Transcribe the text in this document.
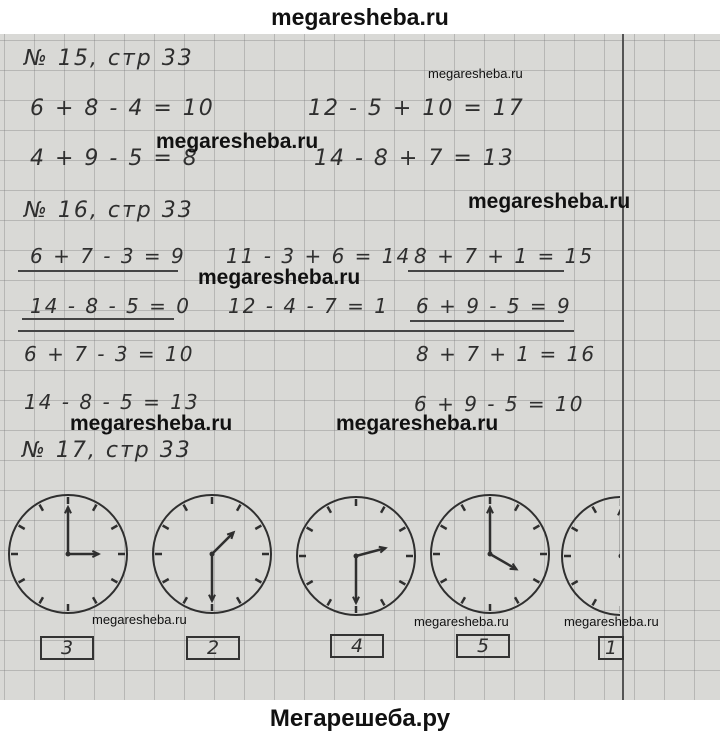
megaresheba.ru
№ 15, стр 33
6 + 8 - 4 = 10	12 - 5 + 10 = 17
4 + 9 - 5 = 8	14 - 8 + 7 = 13
№ 16, стр 33
6 + 7 - 3 = 9 11 - 3 + 6 = 14 8 + 7 + 1 = 15
14 - 8 - 5 = 0 12 - 4 - 7 = 1 6 + 9 - 5 = 9
6 + 7 - 3 = 10	8 + 7 + 1 = 16
14 - 8 - 5 = 13	6 + 9 - 5 = 10
№ 17, стр 33
3	2	4	5	1
megaresheba.ru
megaresheba.ru
megaresheba.ru
megaresheba.ru
megaresheba.ru	megaresheba.ru
megaresheba.ru	megaresheba.ru	megaresheba.ru
Мегарешеба.ру
